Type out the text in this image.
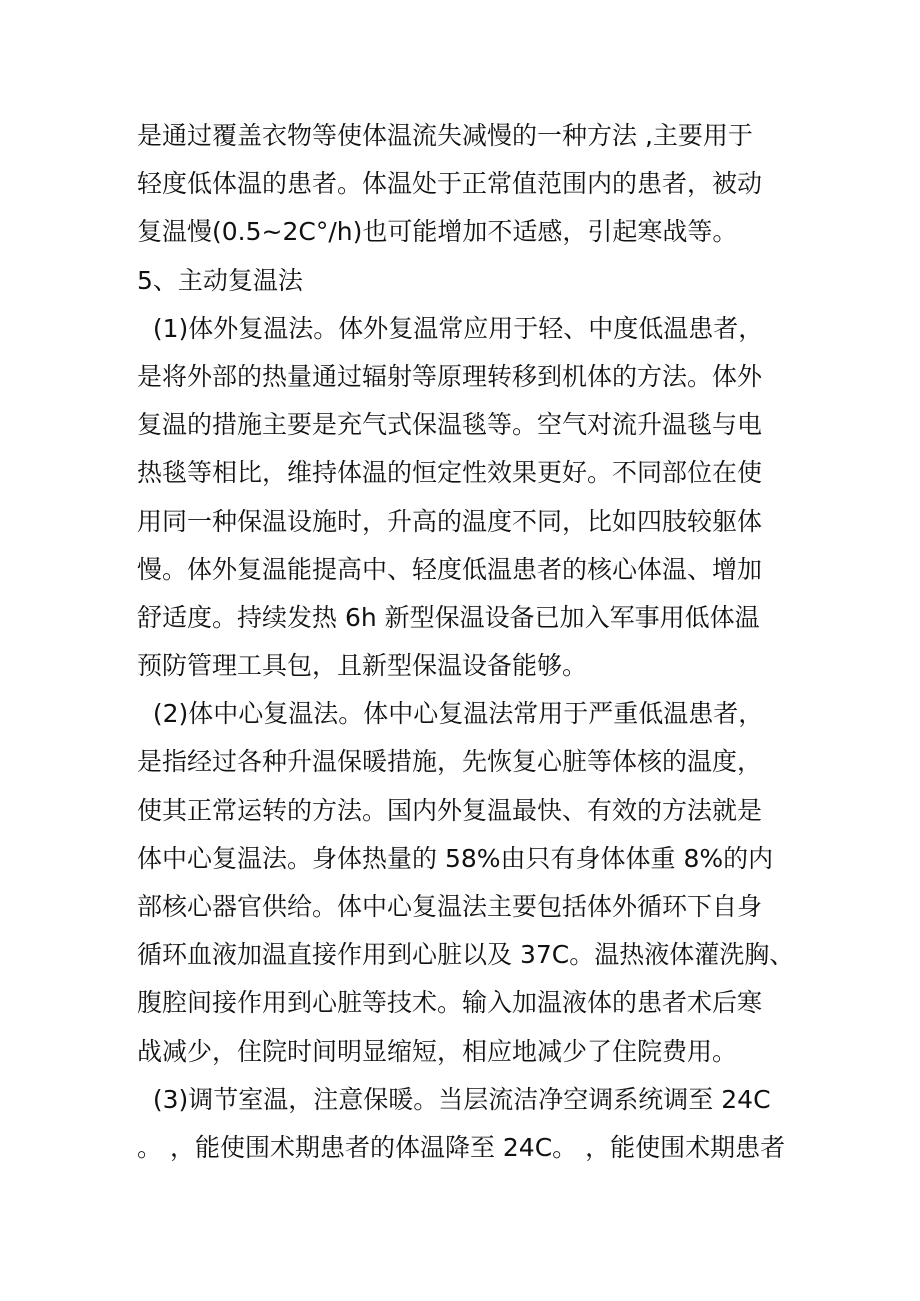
是通过覆盖衣物等使体温流失减慢的一种方法 ,主要用于
轻度低体温的患者。体温处于正常值范围内的患者，被动
复温慢(0.5~2C°/h)也可能增加不适感，引起寒战等。
5、主动复温法
(1)体外复温法。体外复温常应用于轻、中度低温患者，
是将外部的热量通过辐射等原理转移到机体的方法。体外
复温的措施主要是充气式保温毯等。空气对流升温毯与电
热毯等相比，维持体温的恒定性效果更好。不同部位在使
用同一种保温设施时，升高的温度不同，比如四肢较躯体
慢。体外复温能提高中、轻度低温患者的核心体温、增加
舒适度。持续发热 6h 新型保温设备已加入军事用低体温
预防管理工具包，且新型保温设备能够。
(2)体中心复温法。体中心复温法常用于严重低温患者，
是指经过各种升温保暖措施，先恢复心脏等体核的温度，
使其正常运转的方法。国内外复温最快、有效的方法就是
体中心复温法。身体热量的 58%由只有身体体重 8%的内
部核心器官供给。体中心复温法主要包括体外循环下自身
循环血液加温直接作用到心脏以及 37C。温热液体灌洗胸、
腹腔间接作用到心脏等技术。输入加温液体的患者术后寒
战减少，住院时间明显缩短，相应地减少了住院费用。
(3)调节室温，注意保暖。当层流洁净空调系统调至 24C
。 ，能使围术期患者的体温降至 24C。 ，能使围术期患者
